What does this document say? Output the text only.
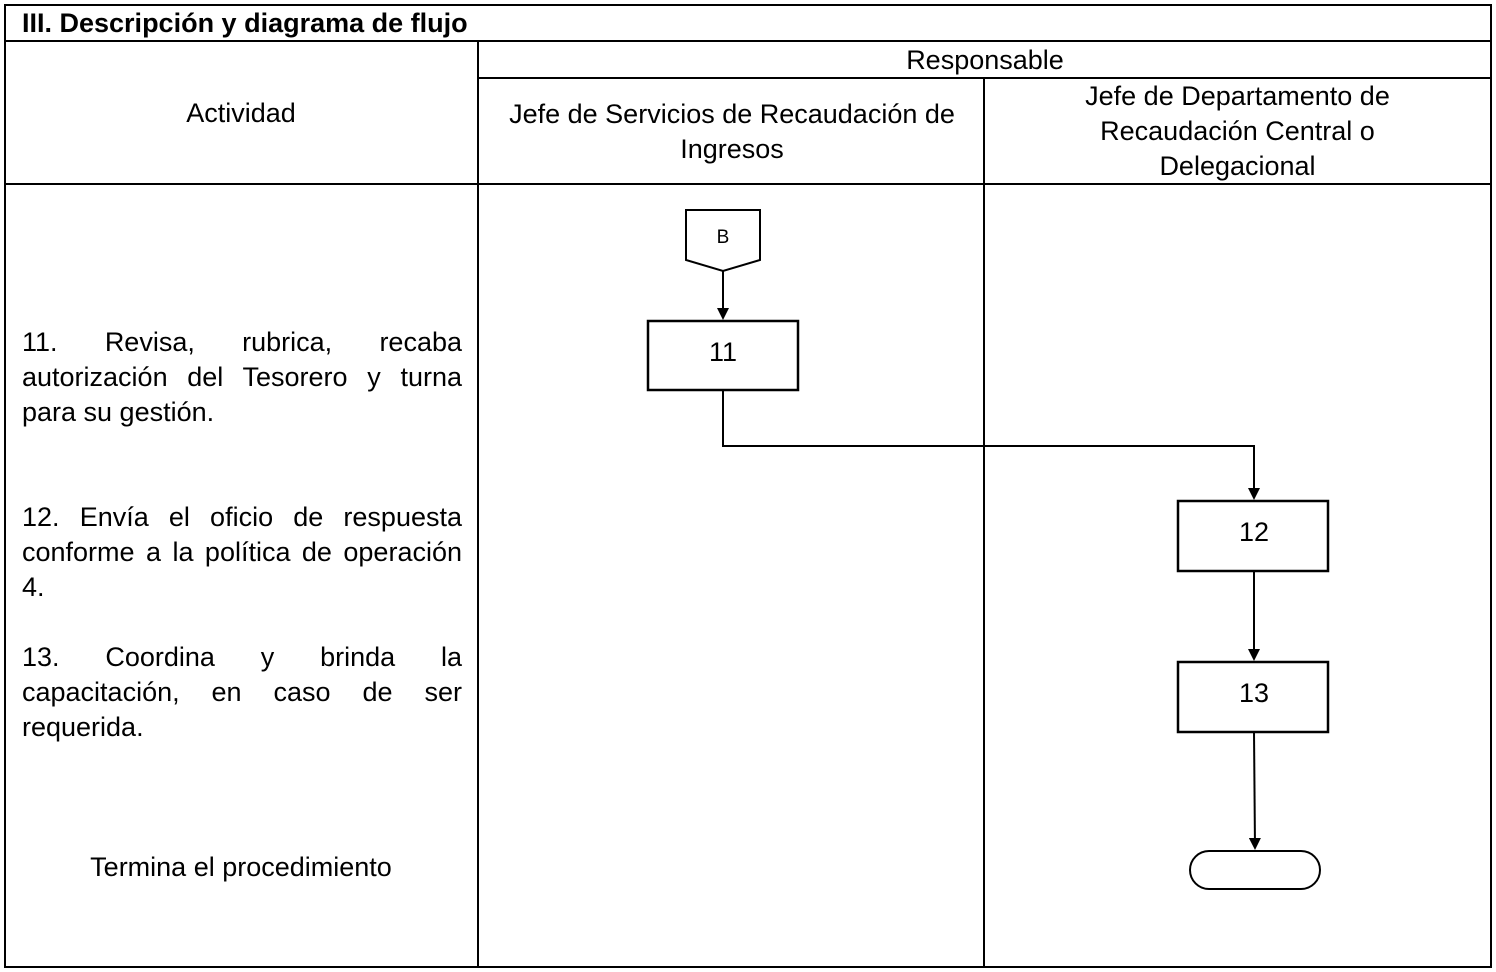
III. Descripción y diagrama de flujo
Actividad
Responsable
Jefe de Servicios de Recaudación de Ingresos
Jefe de Departamento de Recaudación Central o Delegacional
11. Revisa, rubrica, recaba autorización del Tesorero y turna para su gestión.
12. Envía el oficio de respuesta conforme a la política de operación 4.
13. Coordina y brinda la capacitación, en caso de ser requerida.
Termina el procedimiento
B
11
12
13
